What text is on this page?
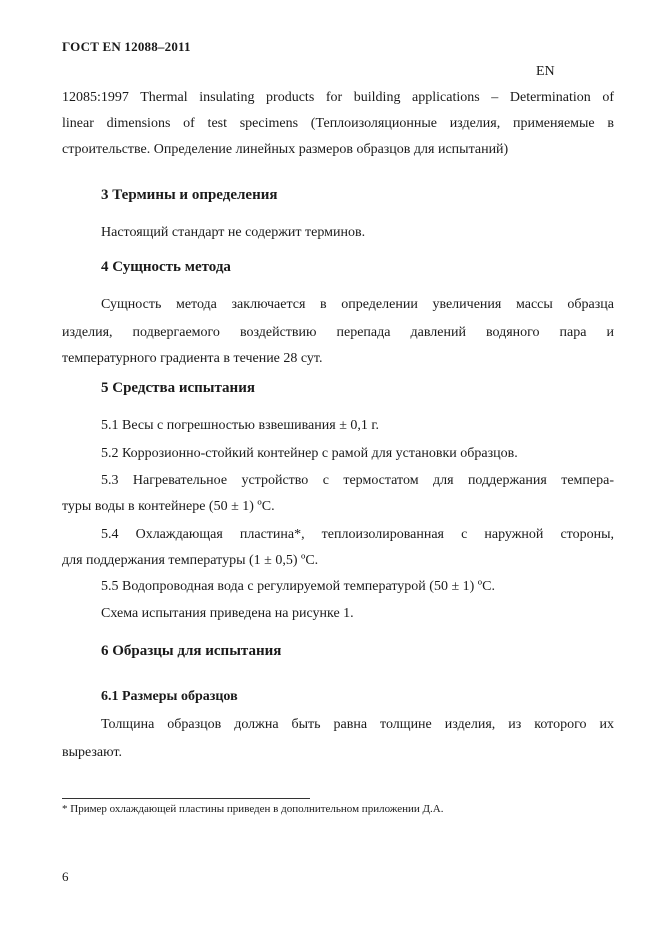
ГОСТ EN 12088–2011
EN
12085:1997 Thermal insulating products for building applications – Determination of
linear dimensions of test specimens (Теплоизоляционные изделия, применяемые в
строительстве. Определение линейных размеров образцов для испытаний)
3 Термины и определения
Настоящий стандарт не содержит терминов.
4 Сущность метода
Сущность метода заключается в определении увеличения массы образца
изделия, подвергаемого воздействию перепада давлений водяного пара и
температурного градиента в течение 28 сут.
5 Средства испытания
5.1 Весы с погрешностью взвешивания ± 0,1 г.
5.2 Коррозионно-стойкий контейнер с рамой для установки образцов.
5.3 Нагревательное устройство с термостатом для поддержания темпера-
туры воды в контейнере (50 ± 1) ºС.
5.4 Охлаждающая пластина*, теплоизолированная с наружной стороны,
для поддержания температуры (1 ± 0,5) ºС.
5.5 Водопроводная вода с регулируемой температурой (50 ± 1) ºС.
Схема испытания приведена на рисунке 1.
6 Образцы для испытания
6.1 Размеры образцов
Толщина образцов должна быть равна толщине изделия, из которого их
вырезают.
* Пример охлаждающей пластины приведен в дополнительном приложении Д.А.
6
